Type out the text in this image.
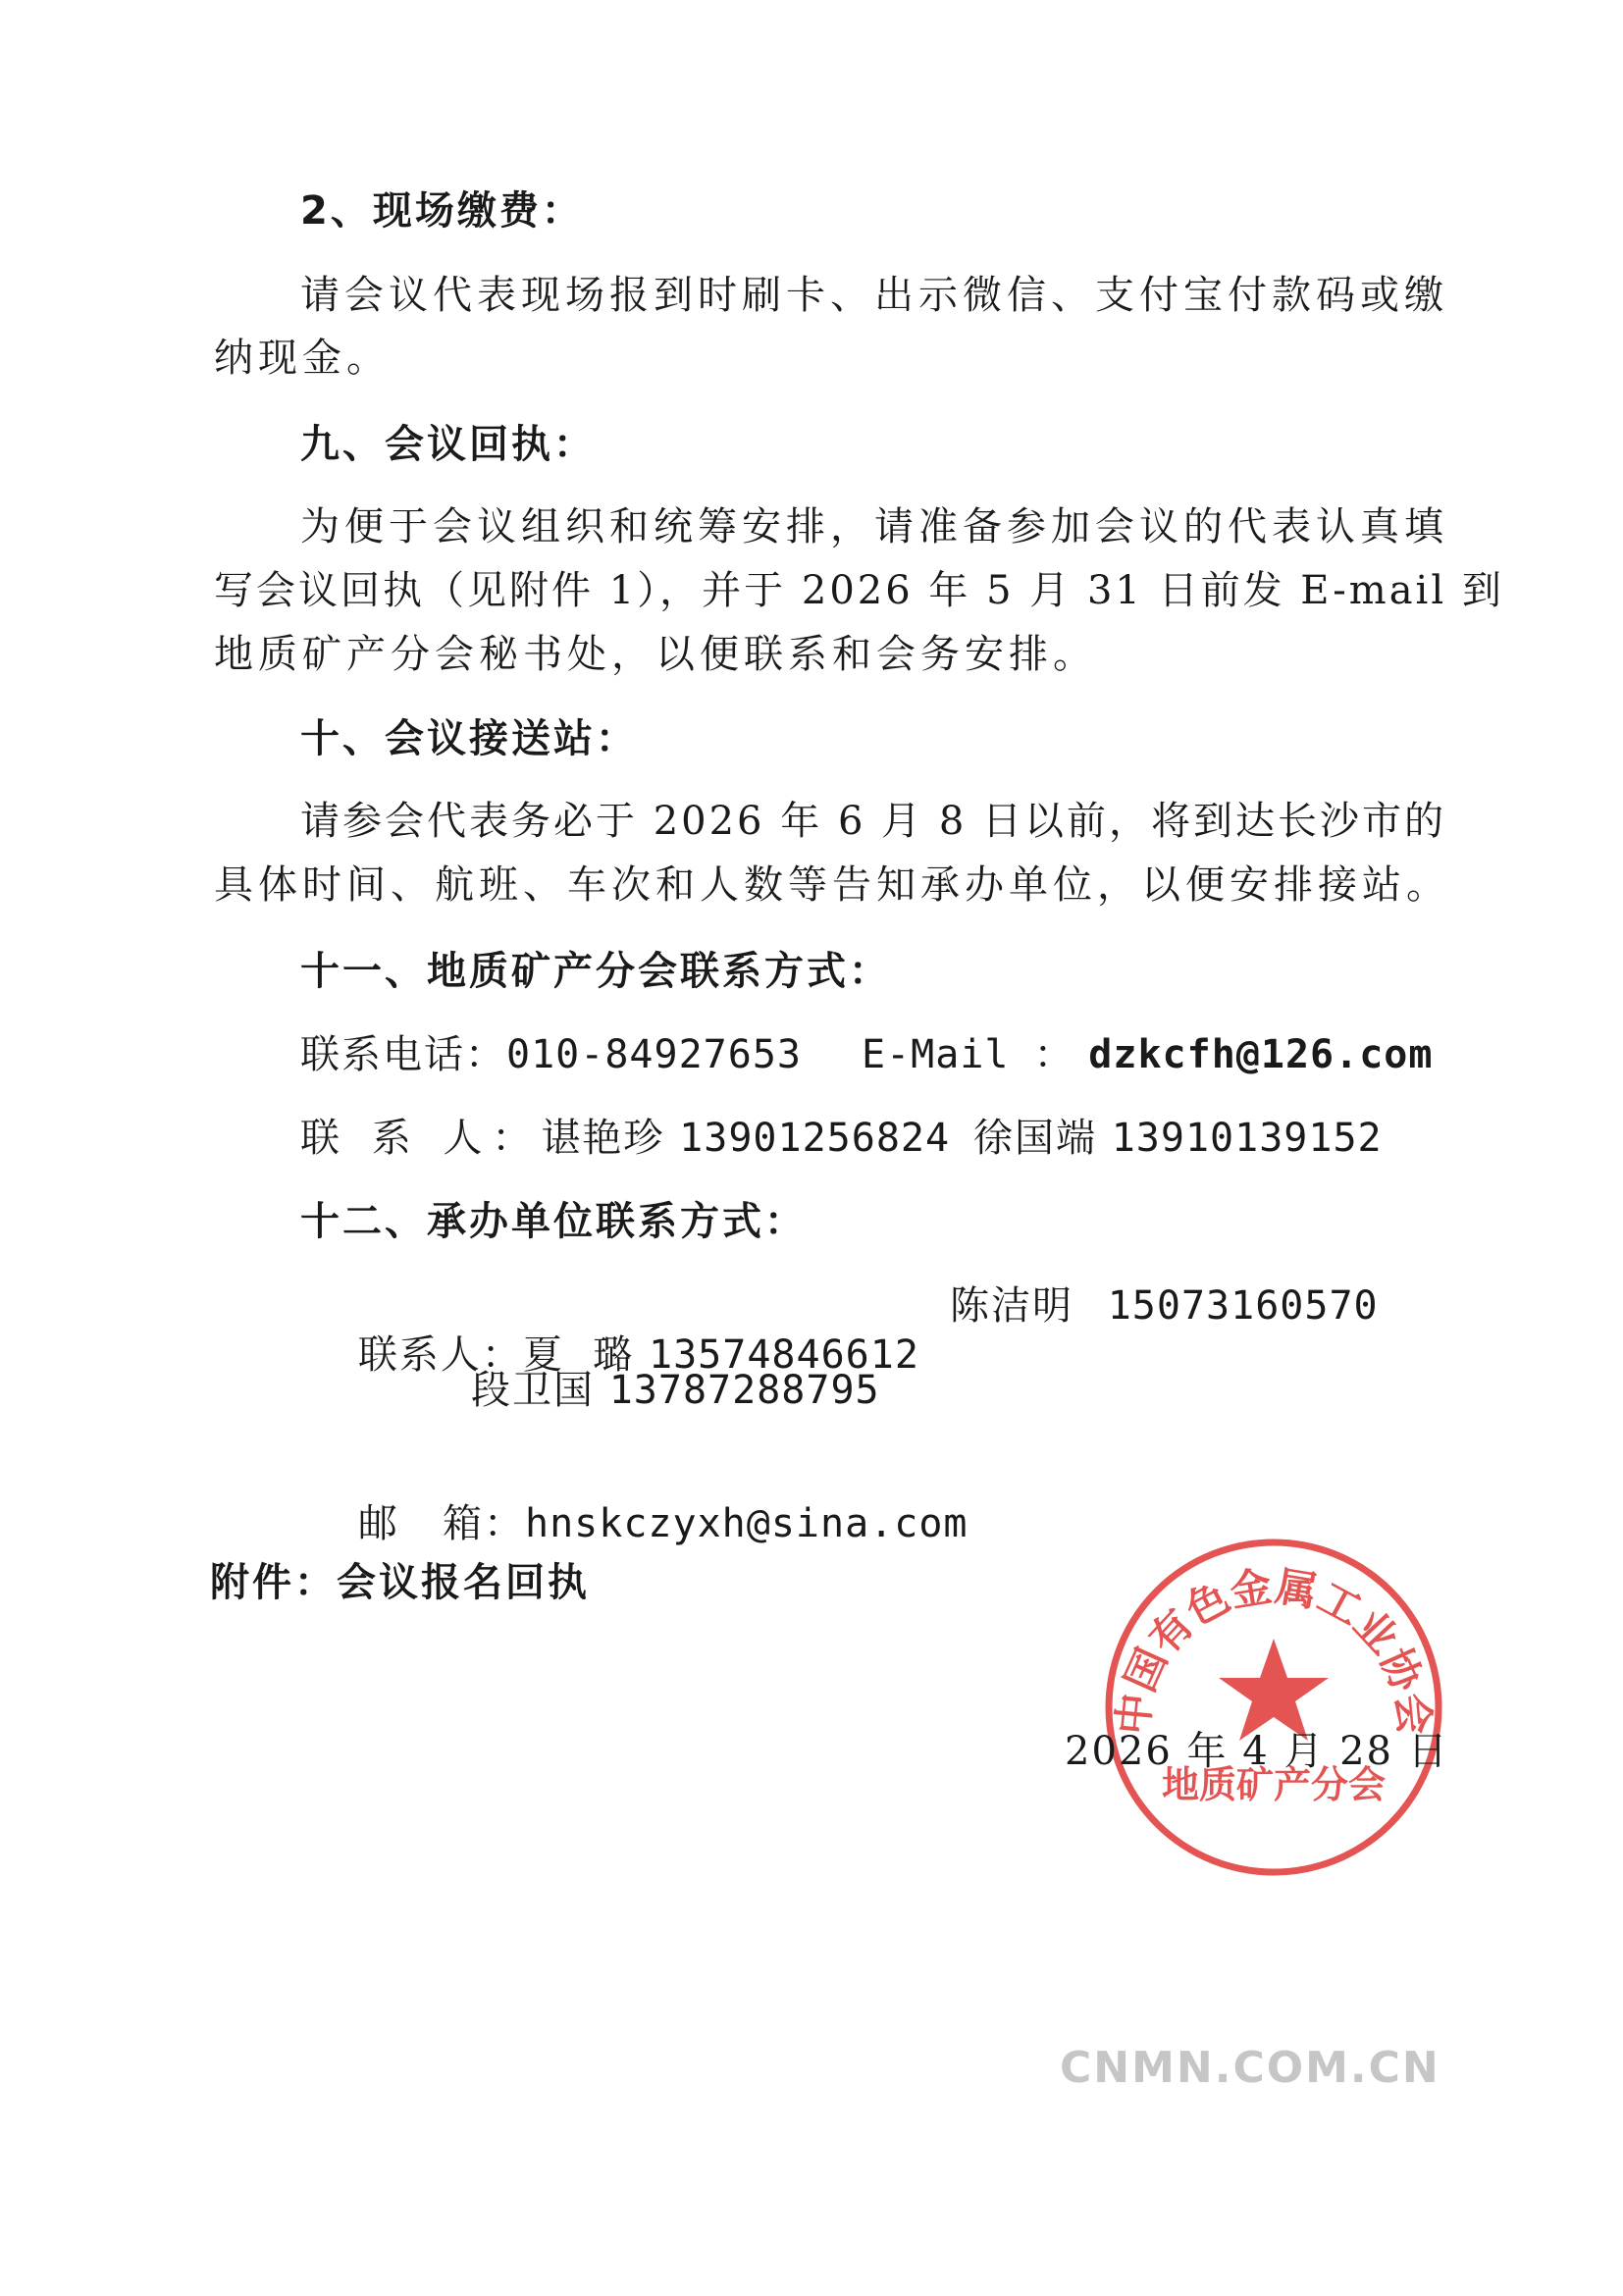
2、现场缴费：
请会议代表现场报到时刷卡、出示微信、支付宝付款码或缴
纳现金。
九、会议回执：
为便于会议组织和统筹安排，请准备参加会议的代表认真填
写会议回执（见附件 1），并于 2026 年 5 月 31 日前发 E-mail 到
地质矿产分会秘书处，以便联系和会务安排。
十、会议接送站：
请参会代表务必于 2026 年 6 月 8 日以前，将到达长沙市的
具体时间、航班、车次和人数等告知承办单位，以便安排接站。
十一、地质矿产分会联系方式：
联系电话：010-84927653 E-Mail ： dzkcfh@126.com
联 系 人：谌艳珍 13901256824 徐国端 13910139152
十二、承办单位联系方式：

联系人：夏  璐 13574846612

陈洁明 15073160570
段卫国 13787288795

邮   箱：hnskczyxh@sina.com

附件：会议报名回执
中国有色金属工业协会
地质矿产分会
2026 年 4 月 28 日
CNMN.COM.CN
